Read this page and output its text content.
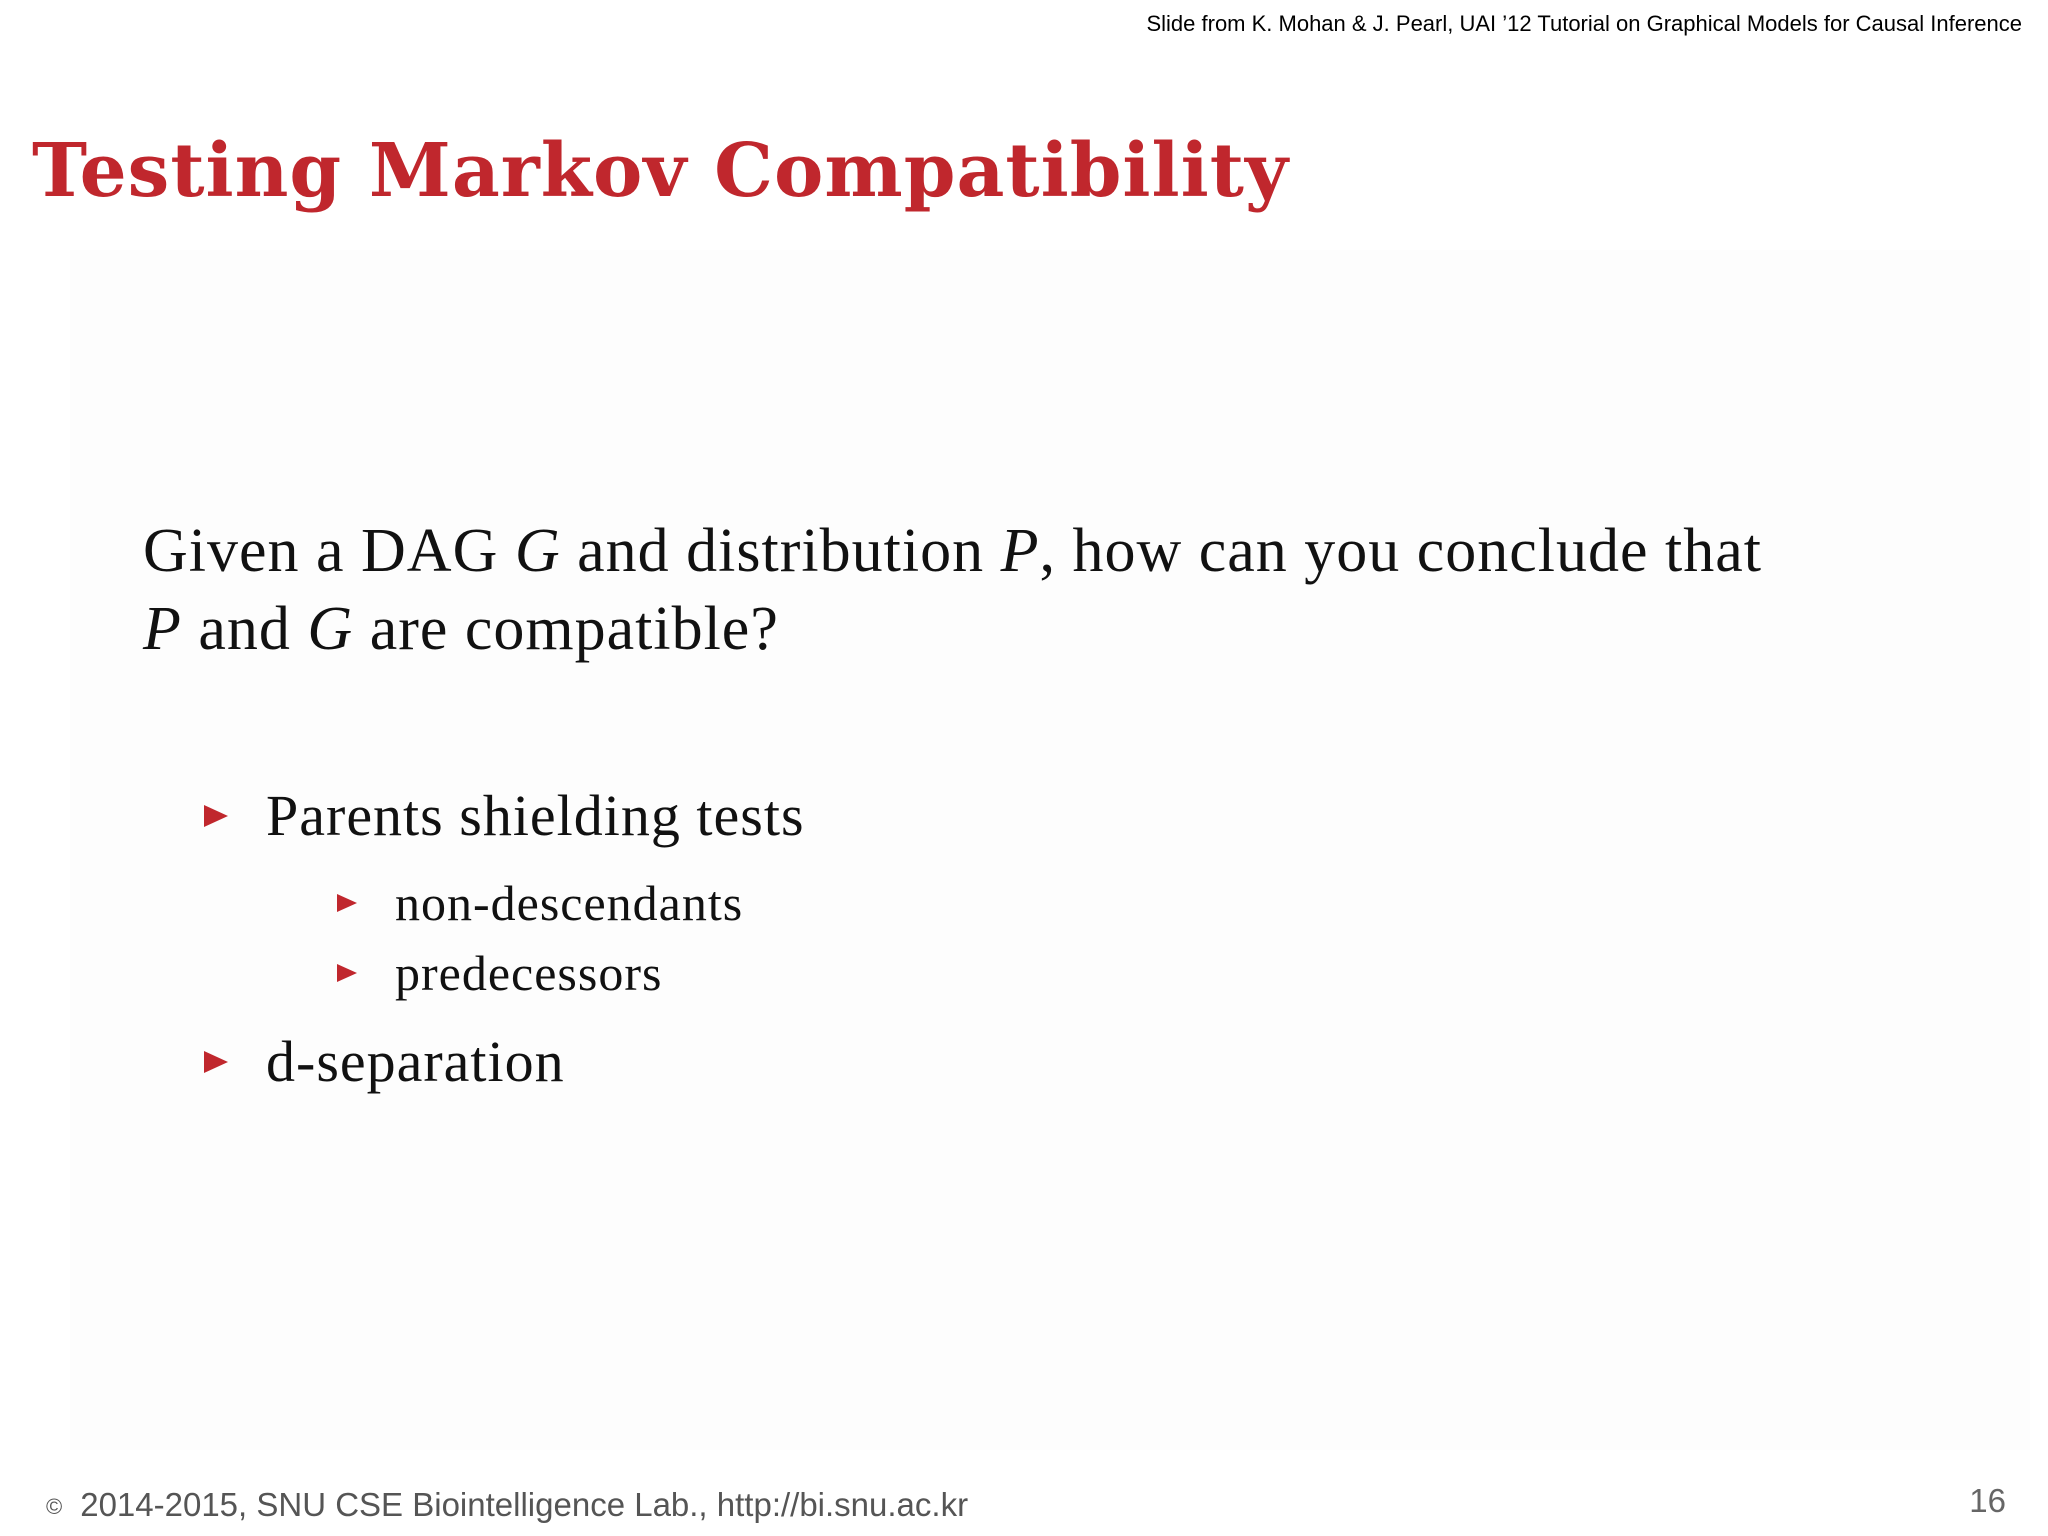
Slide from K. Mohan & J. Pearl, UAI ’12 Tutorial on Graphical Models for Causal Inference
Testing Markov Compatibility

Given a DAG G and distribution P, how can you conclude that
P and G are compatible?

Parents shielding tests
non-descendants
predecessors
d-separation
© 2014-2015, SNU CSE Biointelligence Lab., http://bi.snu.ac.kr	16
